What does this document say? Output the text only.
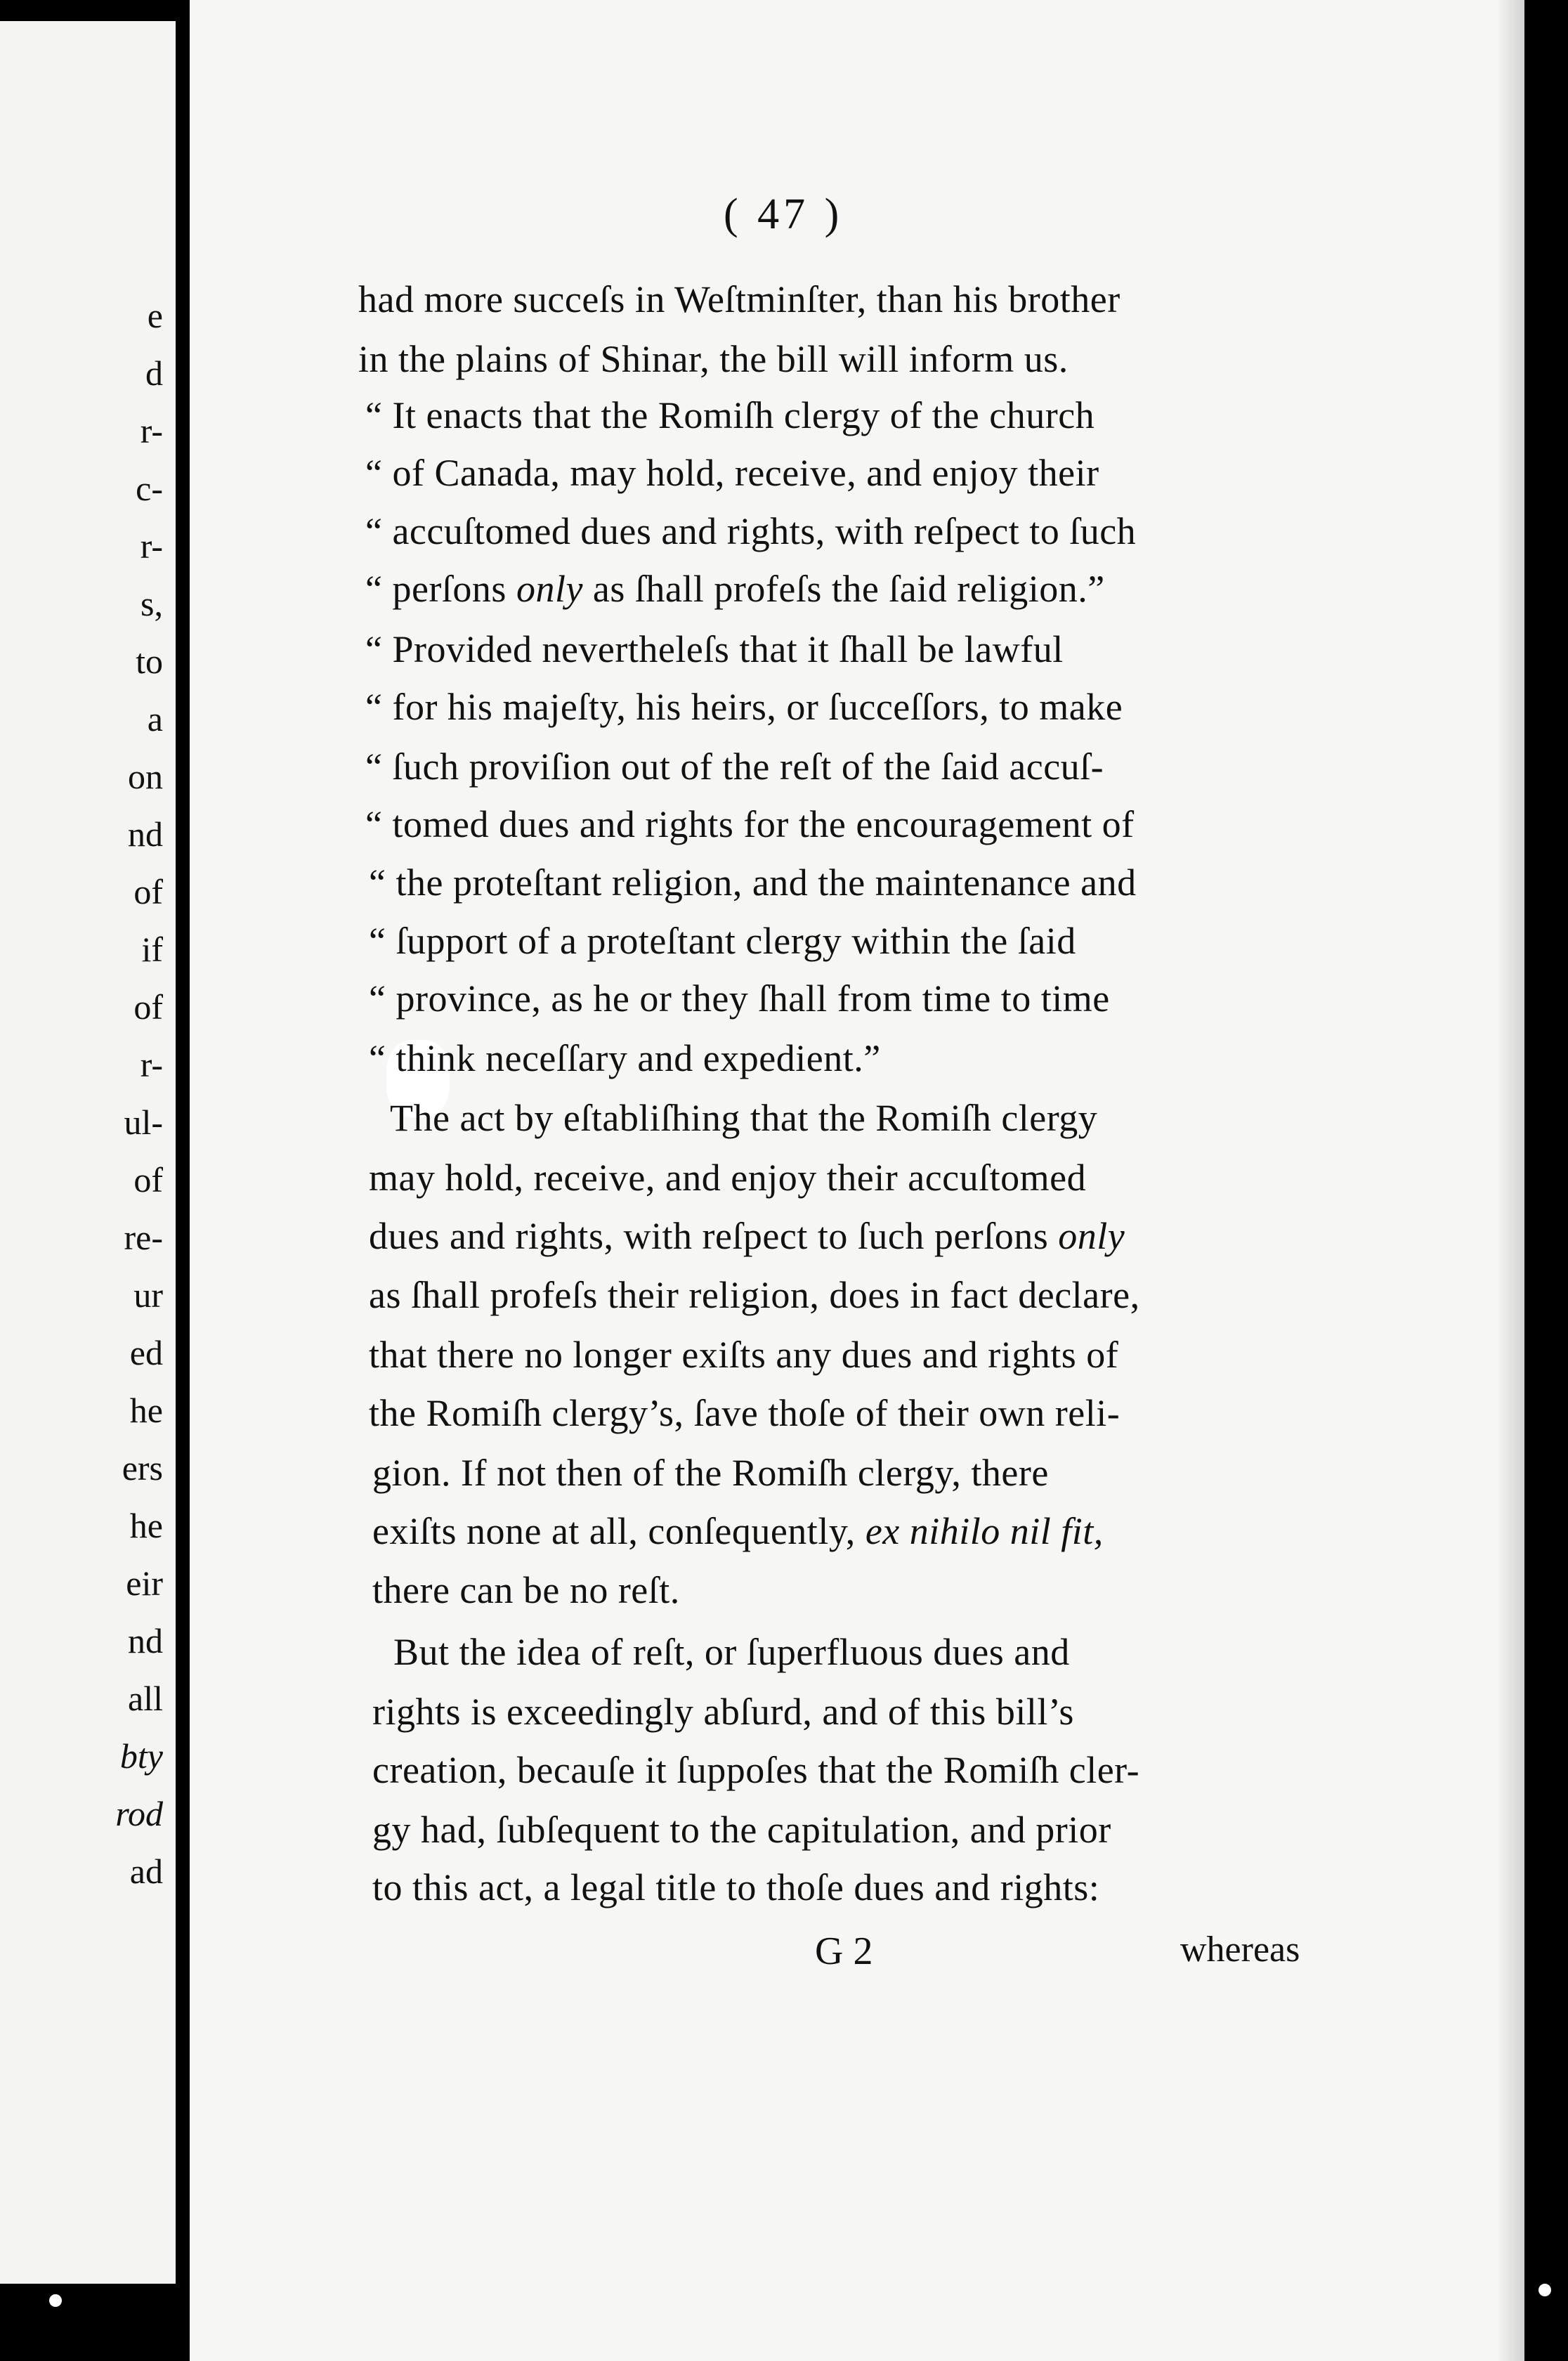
e
d
r-
c-
r-
s,
to
a
on
nd
of
if
of
r-
ul-
of
re-
ur
ed
he
ers
he
eir
nd
all
bty
rod
ad
( 47 )
G 2	whereas
had more succeſs in Weſtminſter, than his brother
in the plains of Shinar, the bill will inform us.
“ It enacts that the Romiſh clergy of the church
“ of Canada, may hold, receive, and enjoy their
“ accuſtomed dues and rights, with reſpect to ſuch
“ perſons only as ſhall profeſs the ſaid religion.”
“ Provided nevertheleſs that it ſhall be lawful
“ for his majeſty, his heirs, or ſucceſſors, to make
“ ſuch proviſion out of the reſt of the ſaid accuſ-
“ tomed dues and rights for the encouragement of
“ the proteſtant religion, and the maintenance and
“ ſupport of a proteſtant clergy within the ſaid
“ province, as he or they ſhall from time to time
“ think neceſſary and expedient.”
The act by eſtabliſhing that the Romiſh clergy
may hold, receive, and enjoy their accuſtomed
dues and rights, with reſpect to ſuch perſons only
as ſhall profeſs their religion, does in fact declare,
that there no longer exiſts any dues and rights of
the Romiſh clergy’s, ſave thoſe of their own reli-
gion. If not then of the Romiſh clergy, there
exiſts none at all, conſequently, ex nihilo nil fit,
there can be no reſt.
But the idea of reſt, or ſuperfluous dues and
rights is exceedingly abſurd, and of this bill’s
creation, becauſe it ſuppoſes that the Romiſh cler-
gy had, ſubſequent to the capitulation, and prior
to this act, a legal title to thoſe dues and rights:
